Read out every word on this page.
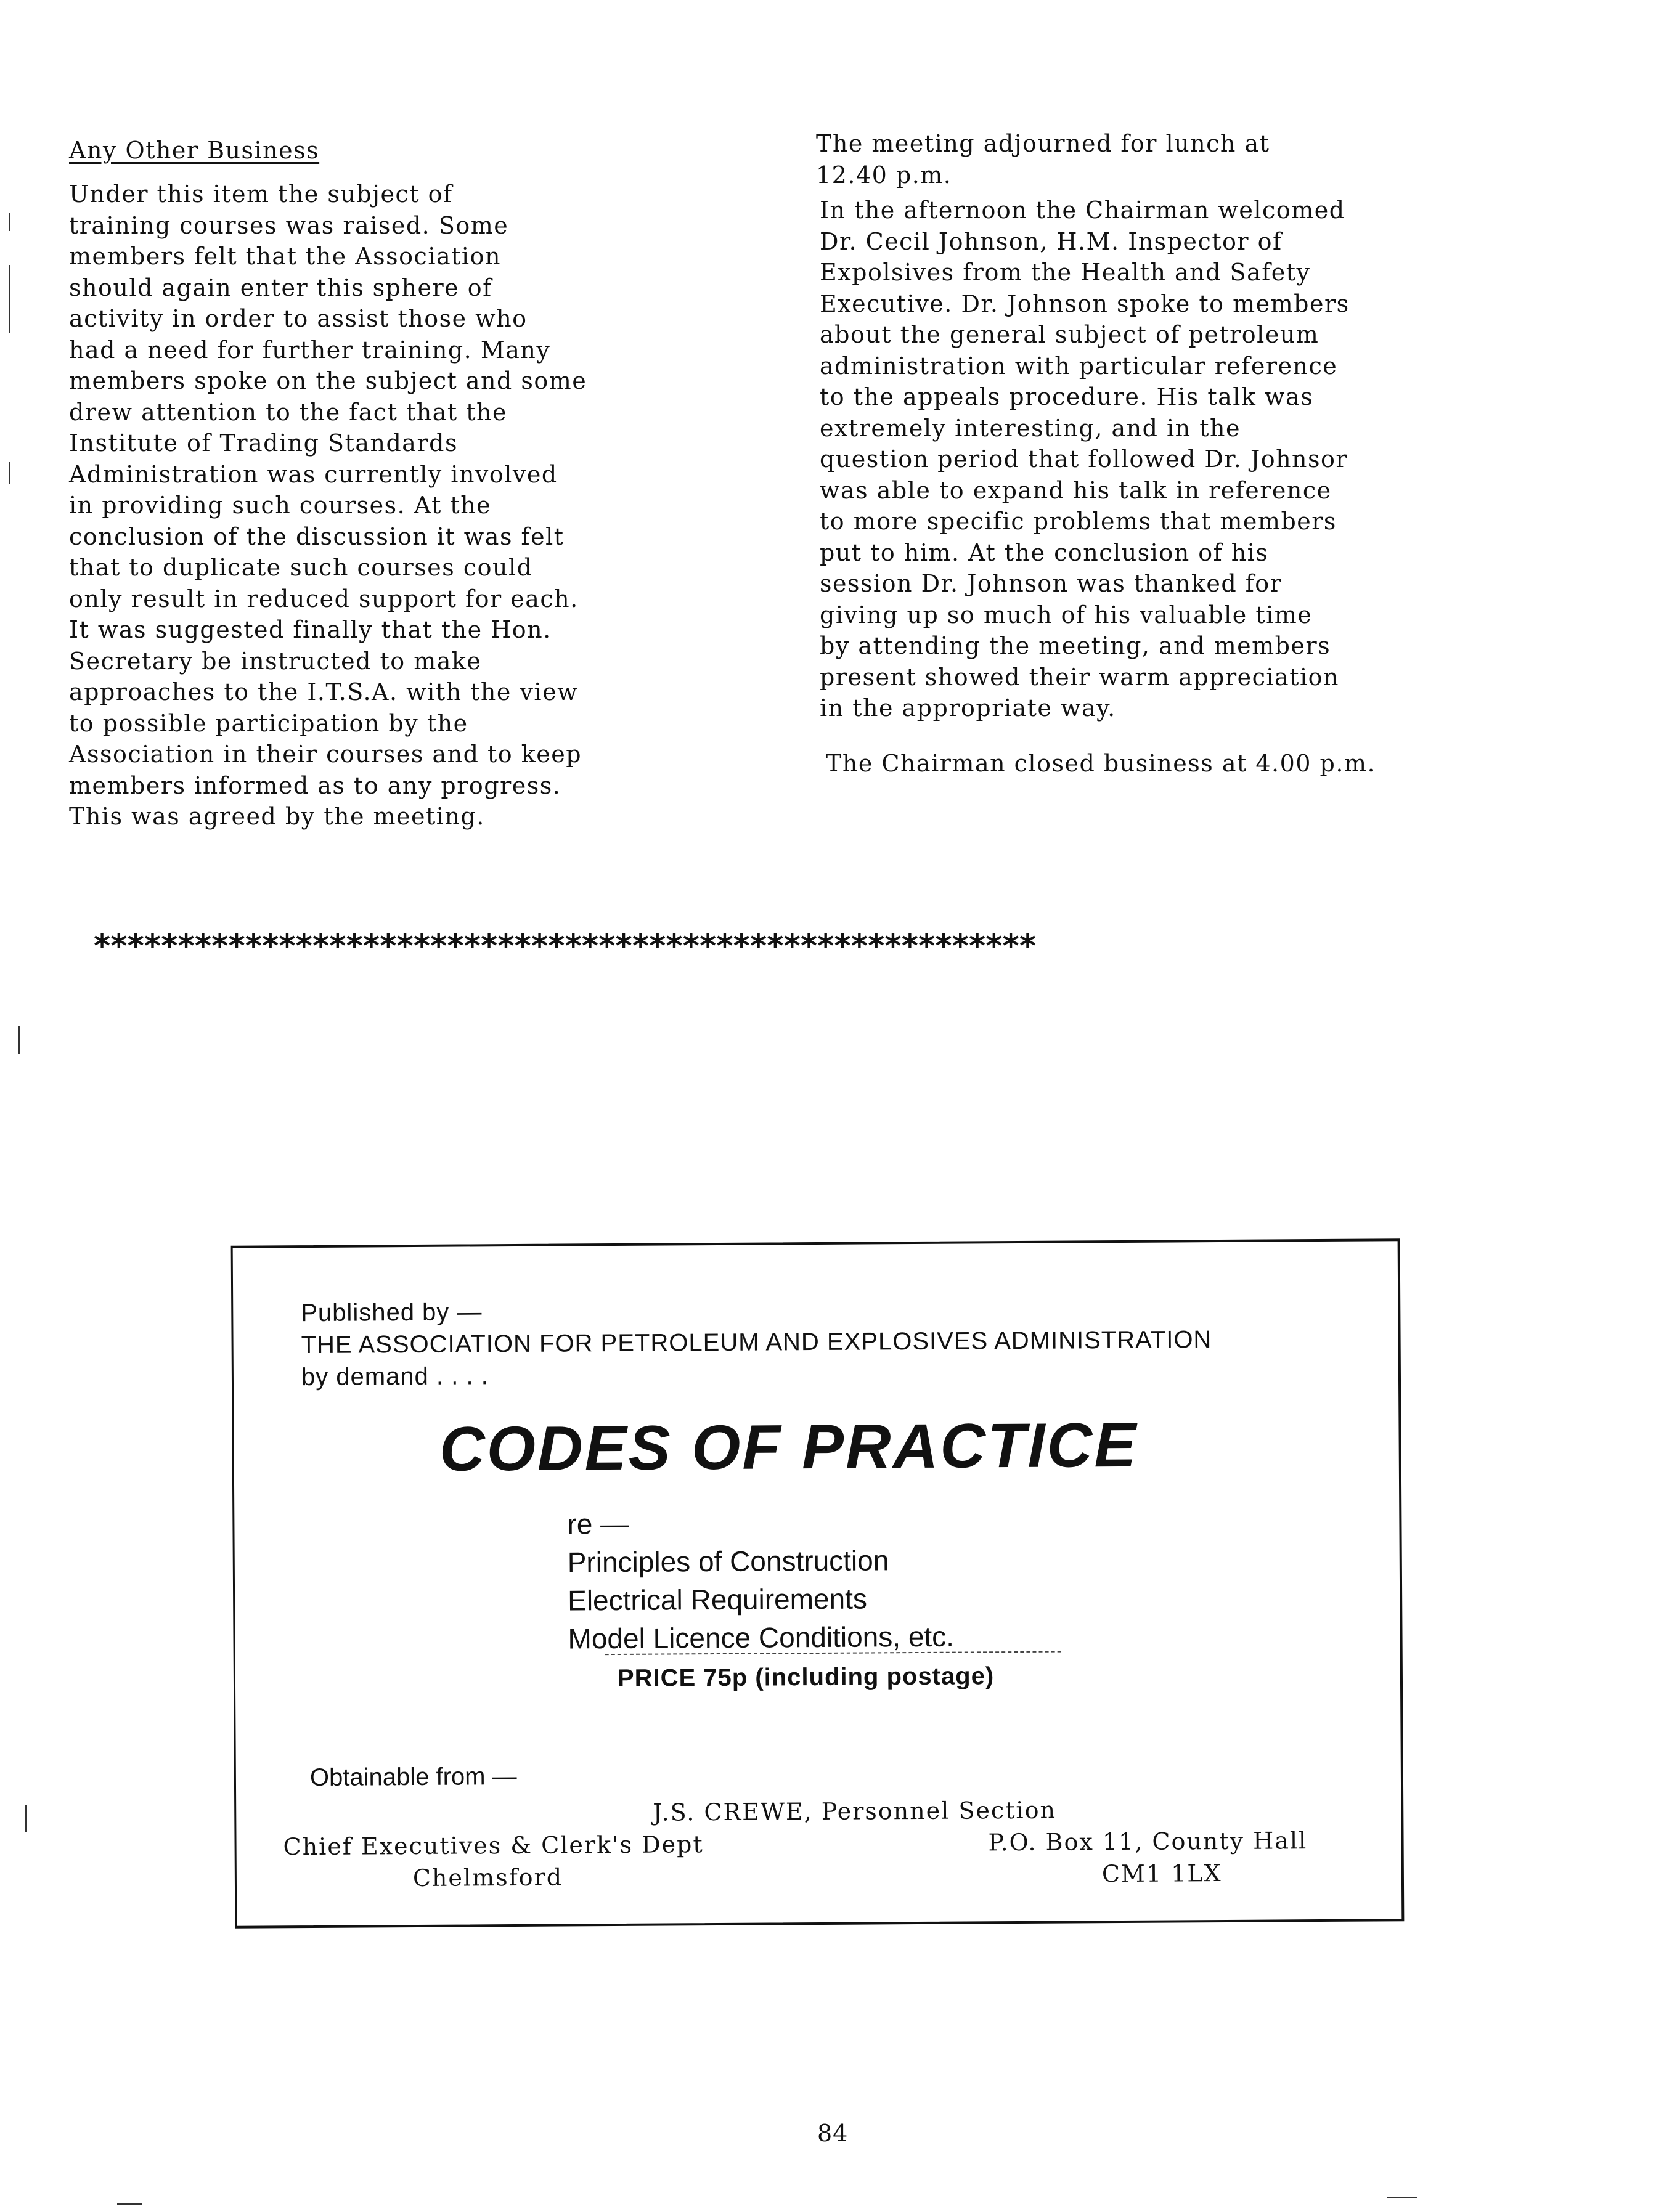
Any Other Business
Under this item the subject of
training courses was raised. Some
members felt that the Association
should again enter this sphere of
activity in order to assist those who
had a need for further training. Many
members spoke on the subject and some
drew attention to the fact that the
Institute of Trading Standards
Administration was currently involved
in providing such courses. At the
conclusion of the discussion it was felt
that to duplicate such courses could
only result in reduced support for each.
It was suggested finally that the Hon.
Secretary be instructed to make
approaches to the I.T.S.A. with the view
to possible participation by the
Association in their courses and to keep
members informed as to any progress.
This was agreed by the meeting.
The meeting adjourned for lunch at
12.40 p.m.
In the afternoon the Chairman welcomed
Dr. Cecil Johnson, H.M. Inspector of
Expolsives from the Health and Safety
Executive. Dr. Johnson spoke to members
about the general subject of petroleum
administration with particular reference
to the appeals procedure. His talk was
extremely interesting, and in the
question period that followed Dr. Johnsor
was able to expand his talk in reference
to more specific problems that members
put to him. At the conclusion of his
session Dr. Johnson was thanked for
giving up so much of his valuable time
by attending the meeting, and members
present showed their warm appreciation
in the appropriate way.
The Chairman closed business at 4.00 p.m.
********************************************************
Published by —
THE ASSOCIATION FOR PETROLEUM AND EXPLOSIVES ADMINISTRATION
by demand . . . .
CODES OF PRACTICE
re —
Principles of Construction
Electrical Requirements
Model Licence Conditions, etc.
PRICE 75p (including postage)
Obtainable from —
J.S. CREWE, Personnel Section
Chief Executives & Clerk's Dept	P.O. Box 11, County Hall
Chelmsford	CM1 1LX
84
